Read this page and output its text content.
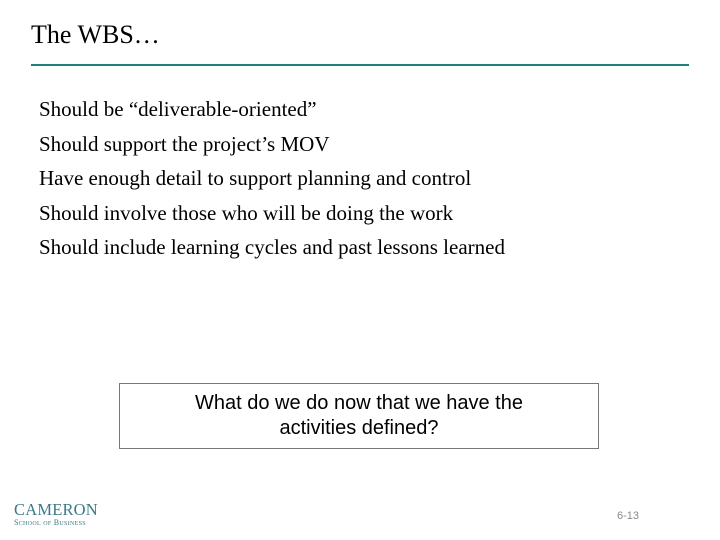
The WBS…
Should be “deliverable-oriented”
Should support the project’s MOV
Have enough detail to support planning and control
Should involve those who will be doing the work
Should include learning cycles and past lessons learned
What do we do now that we have the
activities defined?
CAMERON
School of Business
6-13
